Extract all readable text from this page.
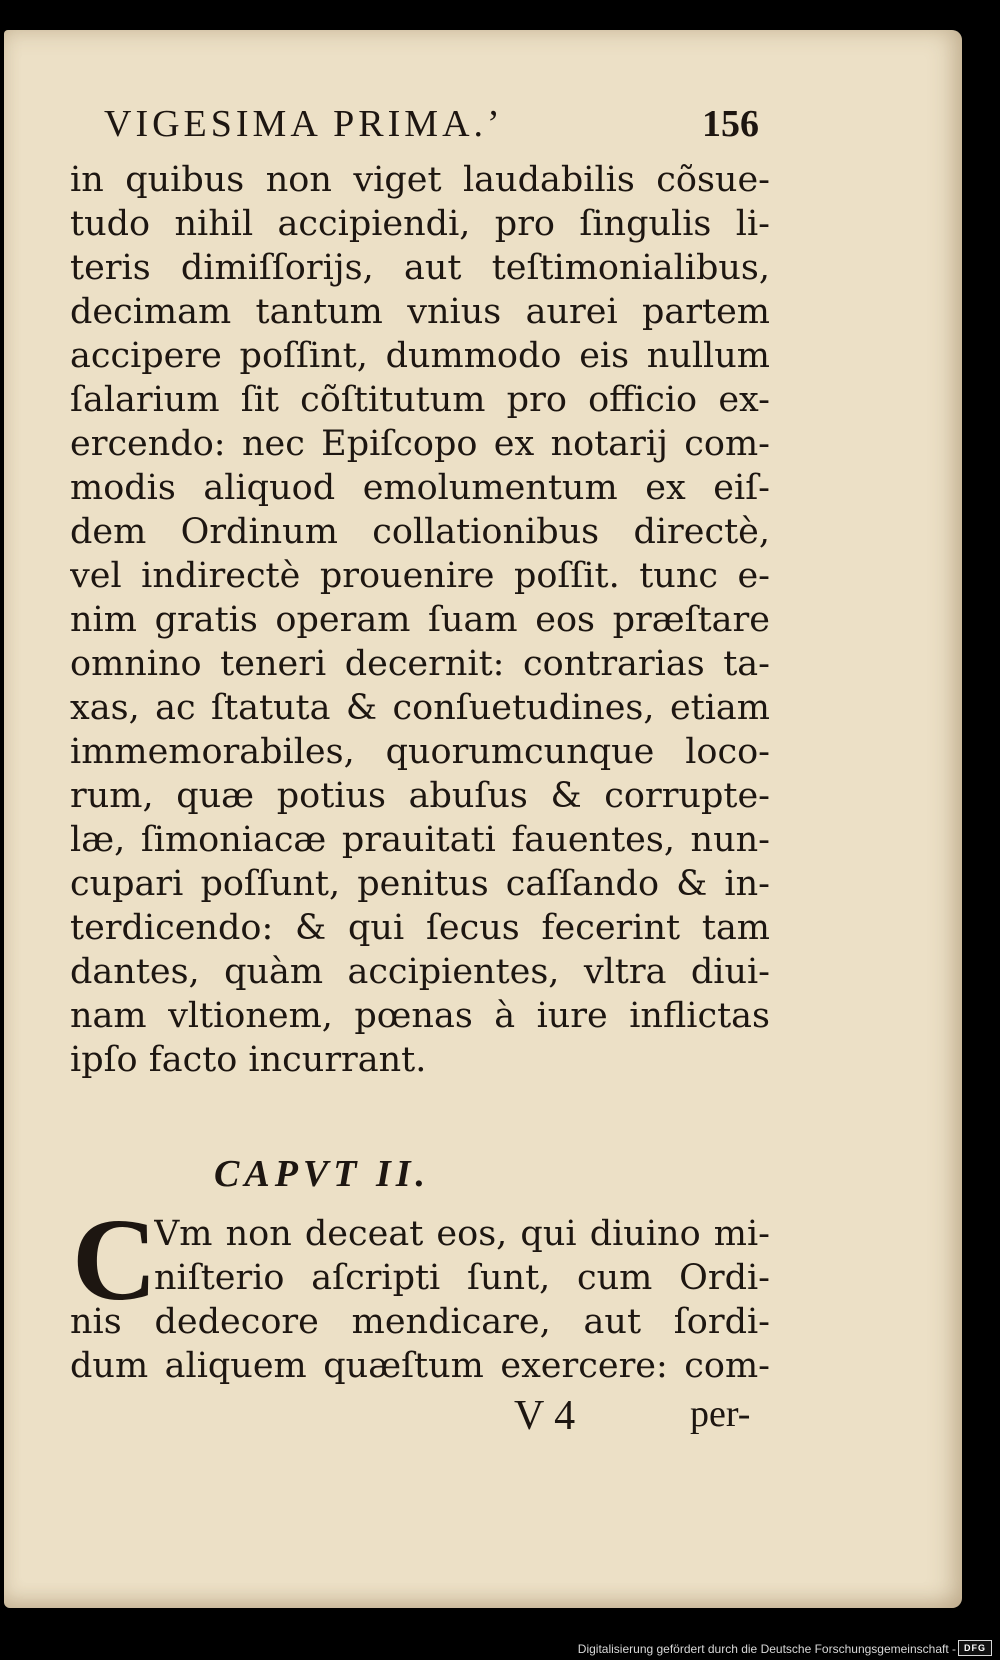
VIGESIMA PRIMA.’	156
in quibus non viget laudabilis cõsue-
tudo nihil accipiendi, pro ſingulis li-
teris dimiſſorijs, aut teſtimonialibus,
decimam tantum vnius aurei partem
accipere poſſint, dummodo eis nullum
ſalarium ſit cõſtitutum pro officio ex-
ercendo: nec Epiſcopo ex notarij com-
modis aliquod emolumentum ex eiſ-
dem Ordinum collationibus directè,
vel indirectè prouenire poſſit. tunc e-
nim gratis operam ſuam eos præſtare
omnino teneri decernit: contrarias ta-
xas, ac ſtatuta & conſuetudines, etiam
immemorabiles, quorumcunque loco-
rum, quæ potius abuſus & corrupte-
læ, ſimoniacæ prauitati fauentes, nun-
cupari poſſunt, penitus caſſando & in-
terdicendo: & qui ſecus fecerint tam
dantes, quàm accipientes, vltra diui-
nam vltionem, pœnas à iure inflictas
ipſo facto incurrant.
CAPVT II.
C
Vm non deceat eos, qui diuino mi-
niſterio aſcripti ſunt, cum Ordi-
nis dedecore mendicare, aut ſordi-
dum aliquem quæſtum exercere: com-
V 4	per-
Digitalisierung gefördert durch die Deutsche Forschungsgemeinschaft - DFG
